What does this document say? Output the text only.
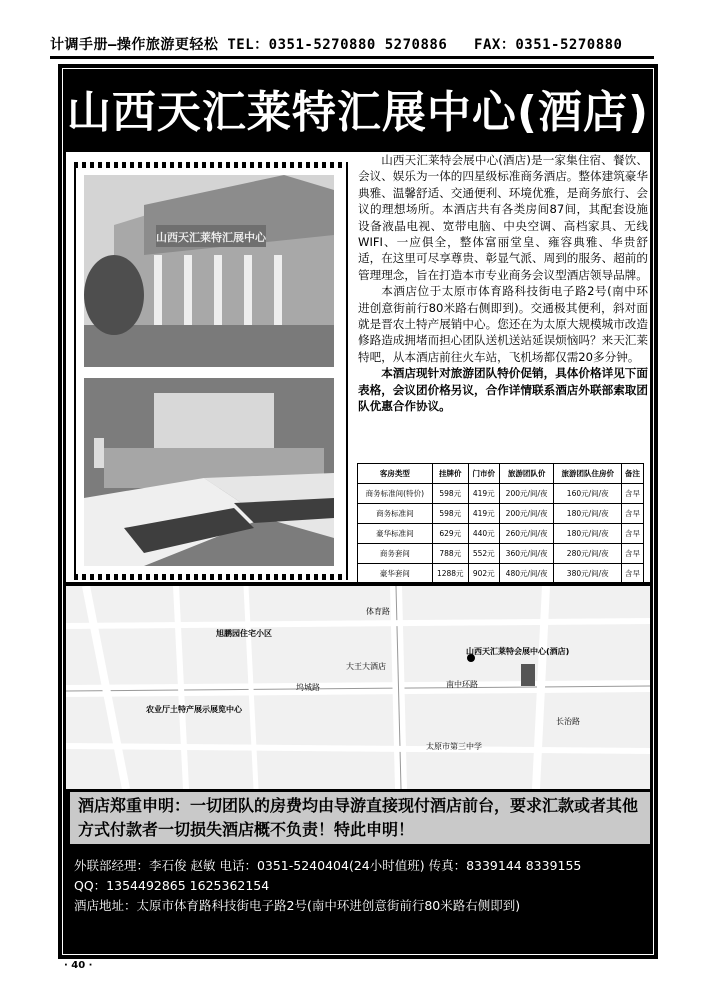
计调手册—操作旅游更轻松 TEL：0351-5270880 5270886 FAX：0351-5270880
山西天汇莱特汇展中心(酒店)
山西天汇莱特汇展中心

山西天汇莱特会展中心(酒店)是一家集住宿、餐饮、会议、娱乐为一体的四星级标准商务酒店。整体建筑豪华典雅、温馨舒适、交通便利、环境优雅，是商务旅行、会议的理想场所。本酒店共有各类房间87间，其配套设施设备液晶电视、宽带电脑、中央空调、高档家具、无线WIFI、一应俱全，整体富丽堂皇、雍容典雅、华贵舒适，在这里可尽享尊贵、彰显气派、周到的服务、超前的管理理念，旨在打造本市专业商务会议型酒店领导品牌。

本酒店位于太原市体育路科技街电子路2号(南中环进创意街前行80米路右侧即到)。交通极其便利，斜对面就是晋农土特产展销中心。您还在为太原大规模城市改造修路造成拥堵而担心团队送机送站延误烦恼吗？来天汇莱特吧，从本酒店前往火车站，飞机场都仅需20多分钟。

本酒店现针对旅游团队特价促销，具体价格详见下面表格，会议团价格另议，合作详情联系酒店外联部索取团队优惠合作协议。

客房类型	挂牌价	门市价	旅游团队价	旅游团队住房价	备注
商务标准间(特价)	598元	419元	200元/间/夜	160元/间/夜	含早
商务标准间	598元	419元	200元/间/夜	180元/间/夜	含早
豪华标准间	629元	440元	260元/间/夜	180元/间/夜	含早
商务套间	788元	552元	360元/间/夜	280元/间/夜	含早
豪华套间	1288元	902元	480元/间/夜	380元/间/夜	含早
旭鹏园住宅小区
农业厅土特产展示展览中心
山西天汇莱特会展中心(酒店)
南中环路
体育路
坞城路
长治路
大王大酒店
太原市第三中学
酒店郑重申明：一切团队的房费均由导游直接现付酒店前台，要求汇款或者其他方式付款者一切损失酒店概不负责！特此申明！
外联部经理：李石俊 赵敏 电话：0351-5240404(24小时值班) 传真：8339144 8339155
QQ：1354492865 1625362154
酒店地址：太原市体育路科技街电子路2号(南中环进创意街前行80米路右侧即到)
· 40 ·
